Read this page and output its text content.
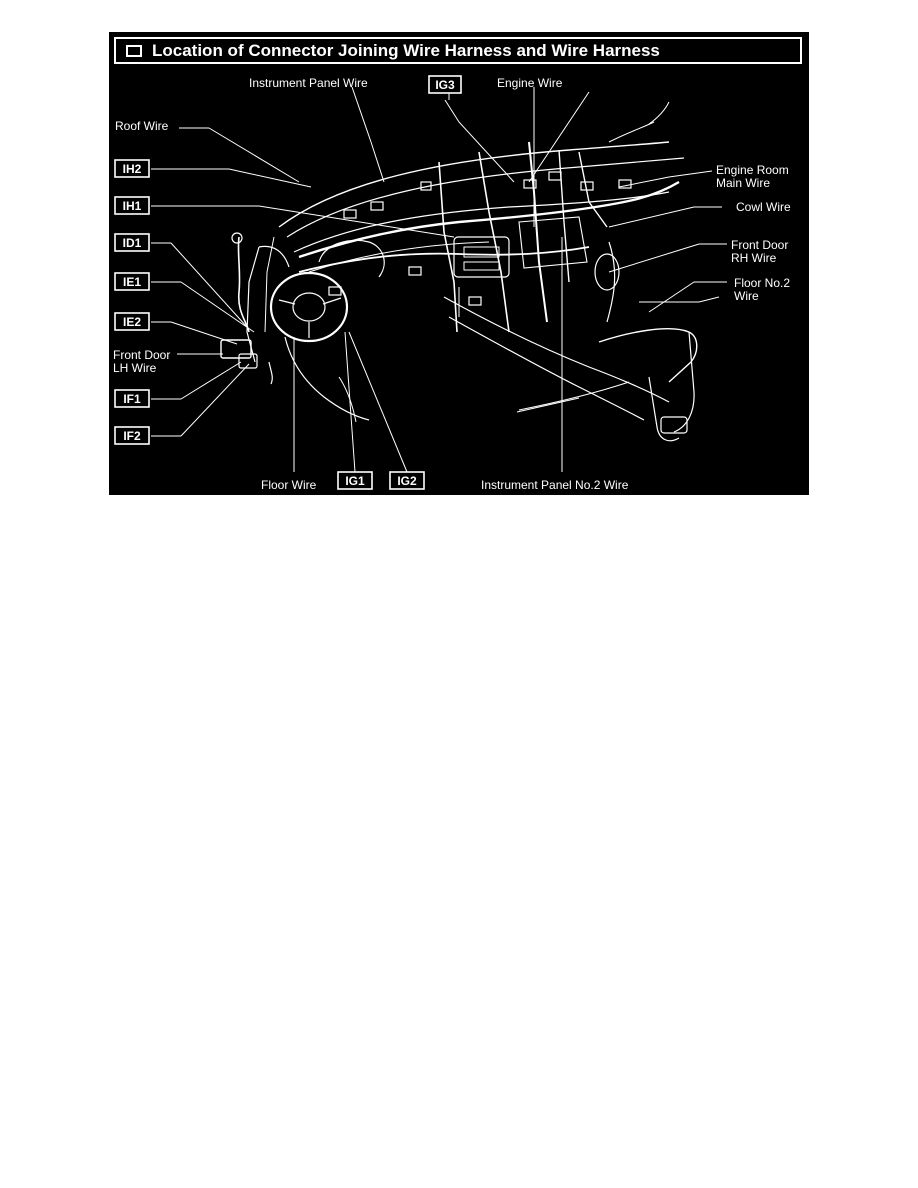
Location of Connector Joining Wire Harness and Wire Harness
Instrument Panel Wire	Engine Wire
Roof Wire
Engine Room
Main Wire
Cowl Wire
Front Door
RH Wire
Floor No.2
Wire
Front Door
LH Wire
Floor Wire	Instrument Panel No.2 Wire
IG3
IH2
IH1
ID1
IE1
IE2
IF1
IF2
IG1	IG2
